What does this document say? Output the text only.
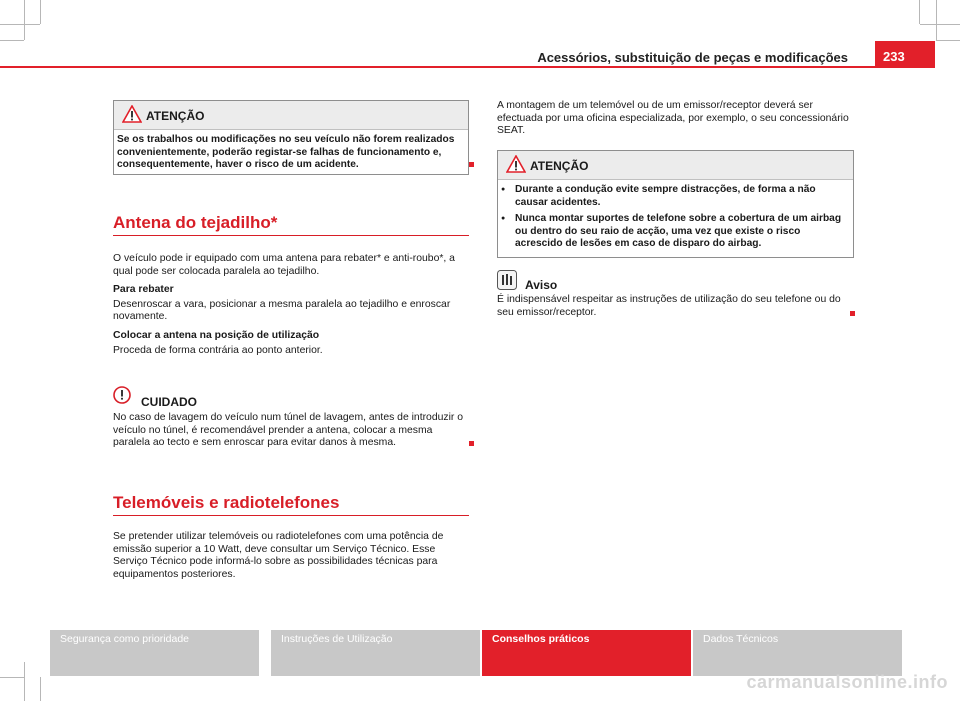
Acessórios, substituição de peças e modificações	233
ATENÇÃO
Se os trabalhos ou modificações no seu veículo não forem realizados convenientemente, poderão registar-se falhas de funcionamento e, consequentemente, haver o risco de um acidente.
Antena do tejadilho*

O veículo pode ir equipado com uma antena para rebater* e anti-roubo*, a qual pode ser colocada paralela ao tejadilho.

Para rebater

Desenroscar a vara, posicionar a mesma paralela ao tejadilho e enroscar novamente.

Colocar a antena na posição de utilização

Proceda de forma contrária ao ponto anterior.

CUIDADO
No caso de lavagem do veículo num túnel de lavagem, antes de introduzir o veículo no túnel, é recomendável prender a antena, colocar a mesma paralela ao tecto e sem enroscar para evitar danos à mesma.
Telemóveis e radiotelefones
Se pretender utilizar telemóveis ou radiotelefones com uma potência de emissão superior a 10 Watt, deve consultar um Serviço Técnico. Esse Serviço Técnico pode informá-lo sobre as possibilidades técnicas para equipamentos posteriores.
A montagem de um telemóvel ou de um emissor/receptor deverá ser efectuada por uma oficina especializada, por exemplo, o seu concessionário SEAT.
ATENÇÃO
● Durante a condução evite sempre distracções, de forma a não causar acidentes.
● Nunca montar suportes de telefone sobre a cobertura de um airbag ou dentro do seu raio de acção, uma vez que existe o risco acrescido de lesões em caso de disparo do airbag.
Aviso
É indispensável respeitar as instruções de utilização do seu telefone ou do seu emissor/receptor.
Segurança como prioridade	Instruções de Utilização	Conselhos práticos	Dados Técnicos
carmanualsonline.info
